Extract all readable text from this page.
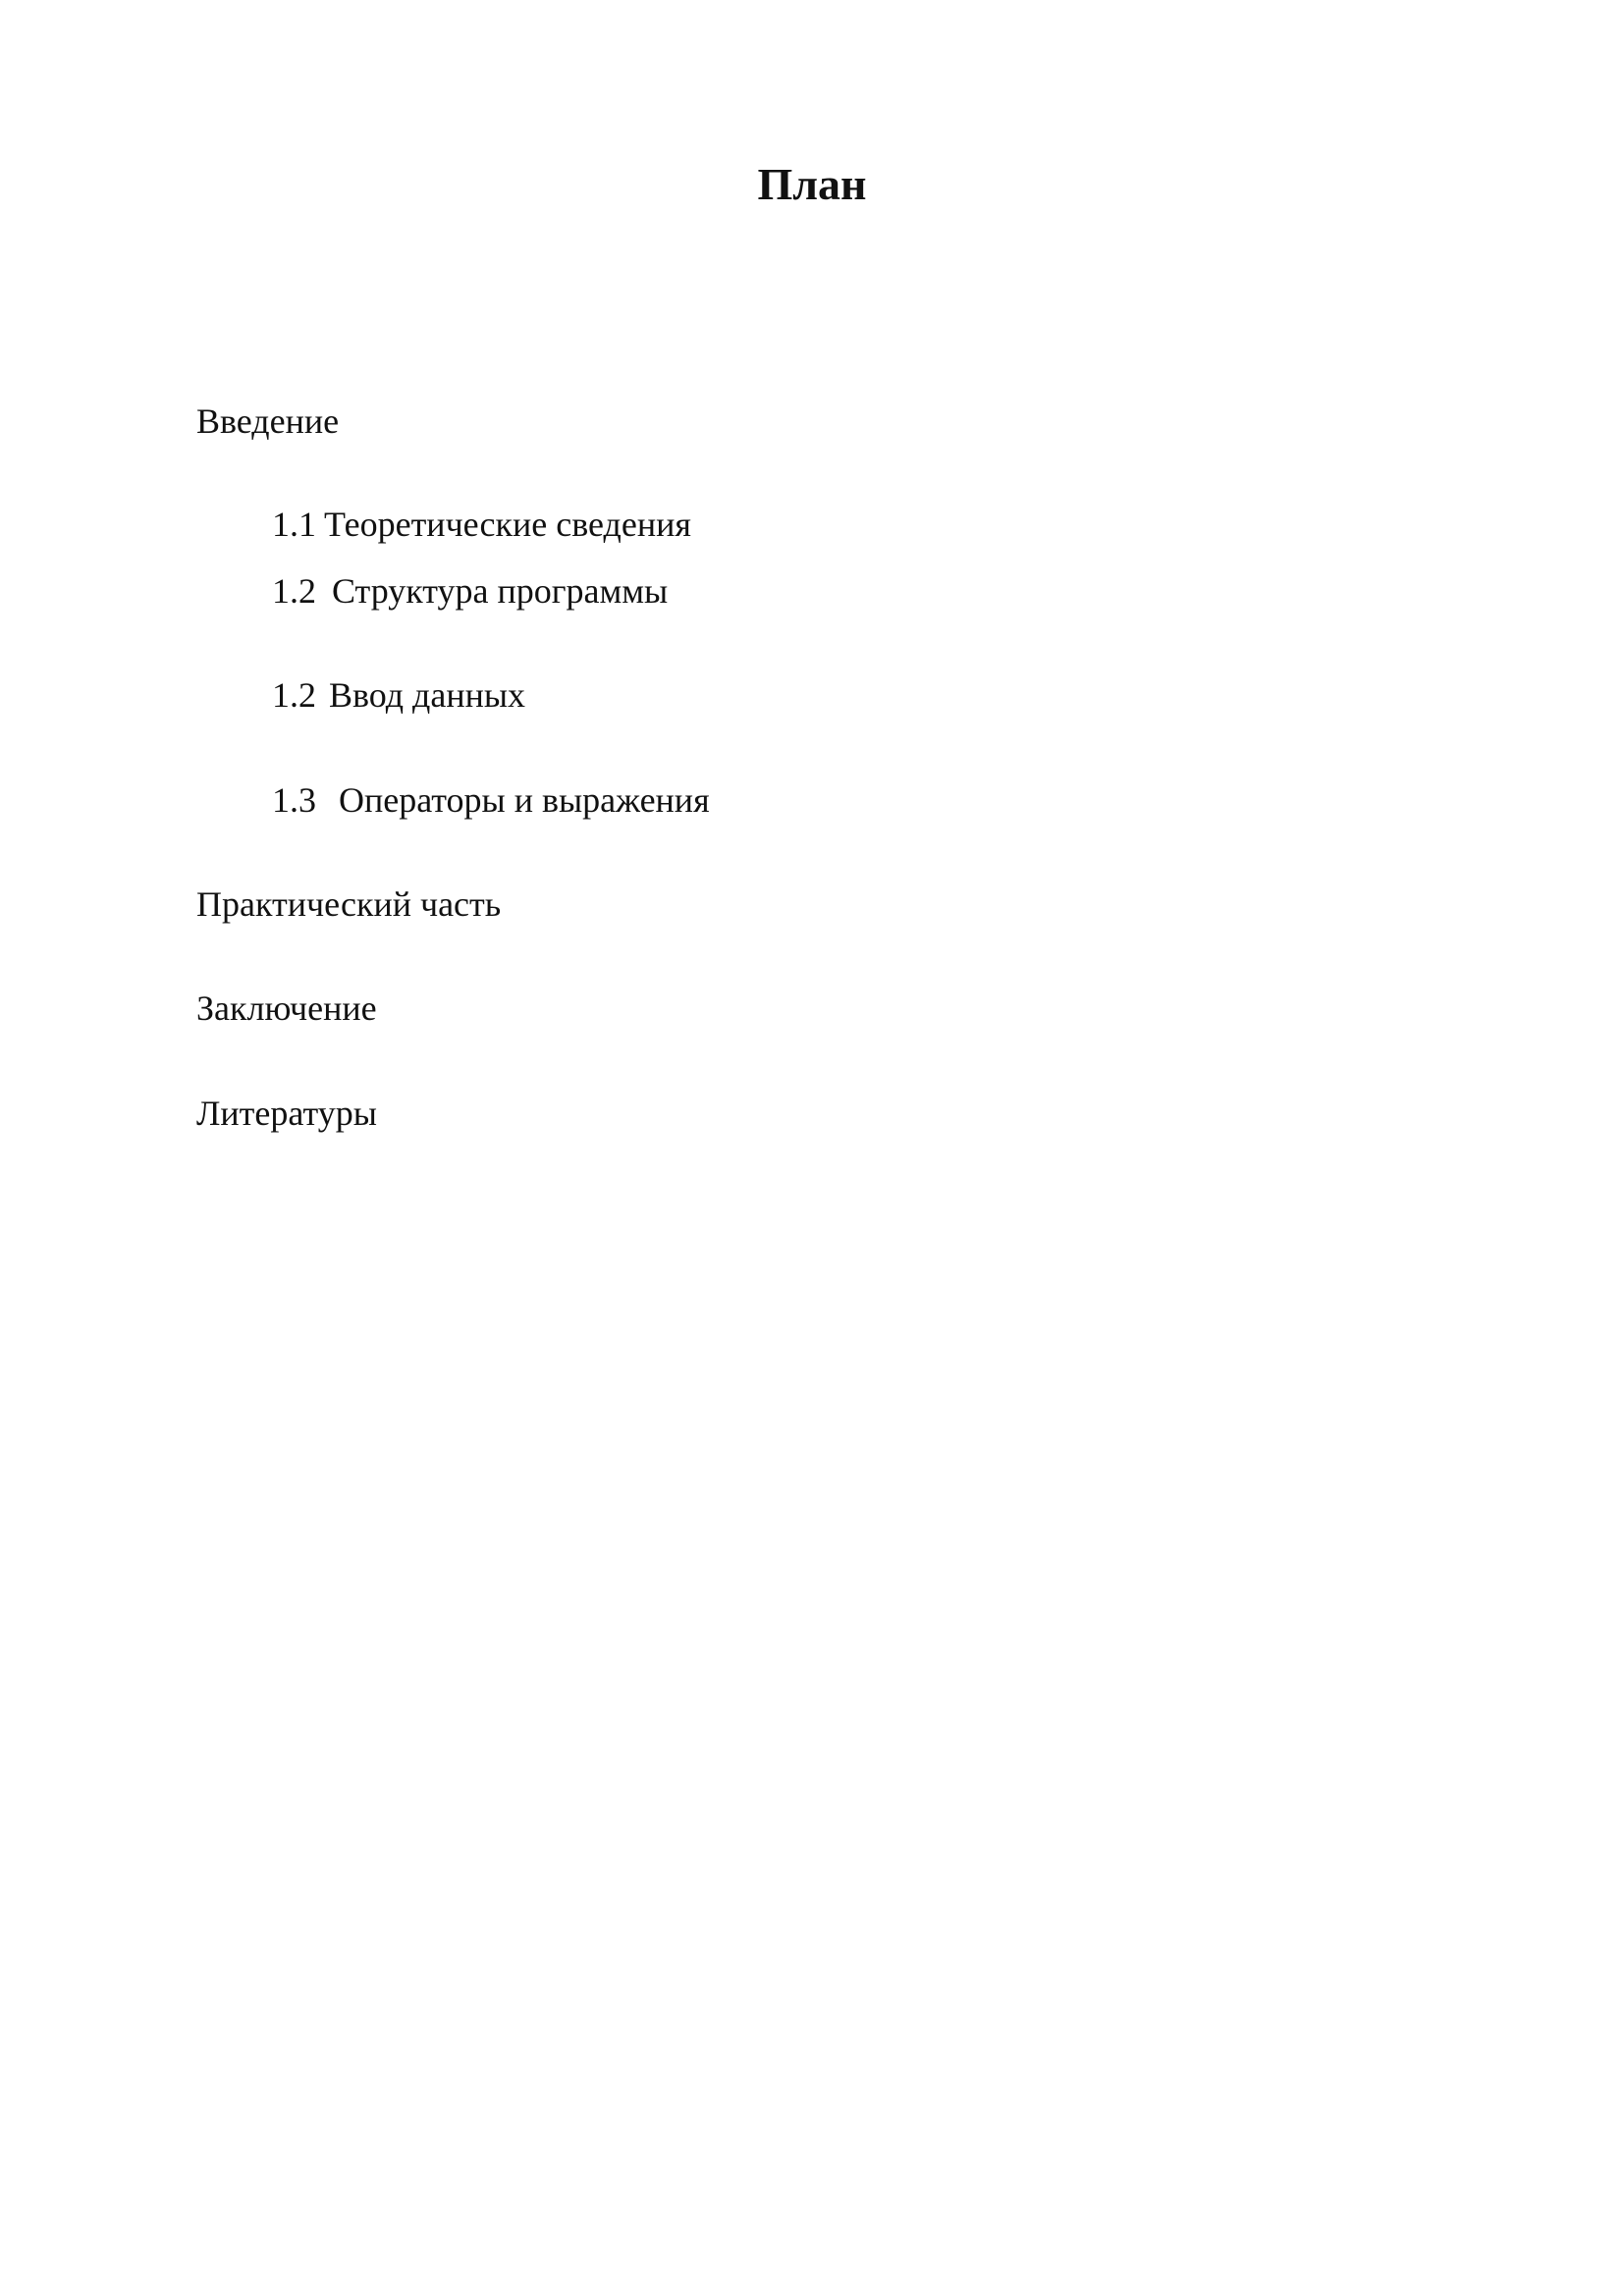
План
Введение
1.1 Теоретические сведения
1.2 Структура программы
1.2 Ввод данных
1.3 Операторы и выражения
Практический часть
Заключение
Литературы
